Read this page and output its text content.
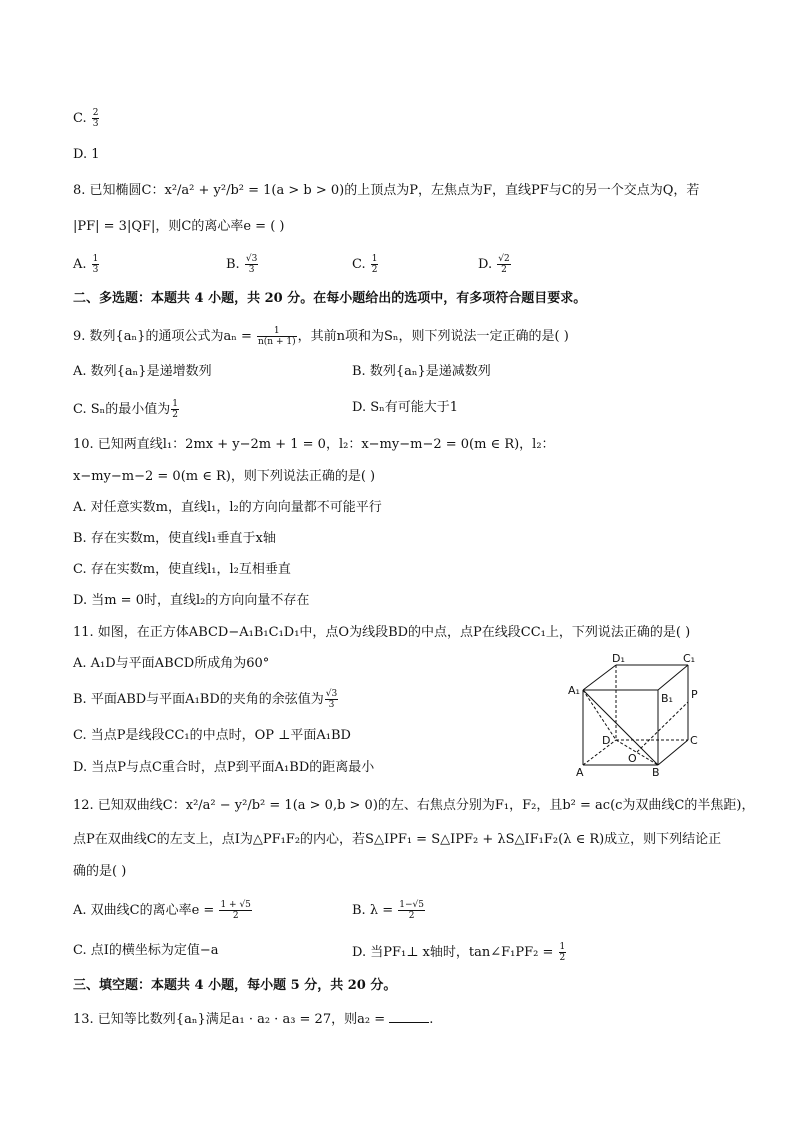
C. $\frac{2}{3}$
D. 1
8. 已知椭圆C：x²/a² + y²/b² = 1(a > b > 0)的上顶点为P，左焦点为F，直线PF与C的另一个交点为Q，若
|PF| = 3|QF|，则C的离心率e = ( )
A. $\frac{1}{3}$	B. $\frac{√3}{3}$	C. $\frac{1}{2}$	D. $\frac{√2}{2}$
二、多选题：本题共 4 小题，共 20 分。在每小题给出的选项中，有多项符合题目要求。
9. 数列{aₙ}的通项公式为$a_n = \frac{1}{n(n + 1)}$ ，其前n项和为Sₙ，则下列说法一定正确的是( )
A. 数列{aₙ}是递增数列	B. 数列{aₙ}是递减数列
C. Sₙ的最小值为 $\frac{1}{2}$	D. Sₙ有可能大于1
10. 已知两直线l₁：2mx + y−2m + 1 = 0，l₂：x−my−m−2 = 0(m ∈ R)，l₂：
x−my−m−2 = 0(m ∈ R)，则下列说法正确的是( )
A. 对任意实数m，直线l₁，l₂的方向向量都不可能平行
B. 存在实数m，使直线l₁垂直于x轴
C. 存在实数m，使直线l₁，l₂互相垂直
D. 当m = 0时，直线l₂的方向向量不存在
11. 如图，在正方体ABCD−A₁B₁C₁D₁中，点O为线段BD的中点，点P在线段CC₁上，下列说法正确的是( )
A. A₁D与平面ABCD所成角为60°
B. 平面ABD与平面A₁BD的夹角的余弦值为 $\frac{√3}{3}$
C. 当点P是线段CC₁的中点时，OP ⊥平面A₁BD
D. 当点P与点C重合时，点P到平面A₁BD的距离最小
D₁	C₁
A₁
B₁ P
D	C
O
A	B
12. 已知双曲线C：x²/a² − y²/b² = 1(a > 0,b > 0)的左、右焦点分别为F₁，F₂，且b² = ac(c为双曲线C的半焦距)，
点P在双曲线C的左支上，点I为△PF₁F₂的内心，若S△IPF₁ = S△IPF₂ + λS△IF₁F₂(λ ∈ R)成立，则下列结论正
确的是( )
A. 双曲线C的离心率$e = \frac{1 + √5}{2}$	B. $\lambda = \frac{1-√5}{2}$
C. 点I的横坐标为定值−a	D. 当PF₁⊥ x轴时，tan∠F₁PF₂ = $\frac{1}{2}$
三、填空题：本题共 4 小题，每小题 5 分，共 20 分。
13. 已知等比数列{aₙ}满足a₁ · a₂ · a₃ = 27，则a₂ =	.
